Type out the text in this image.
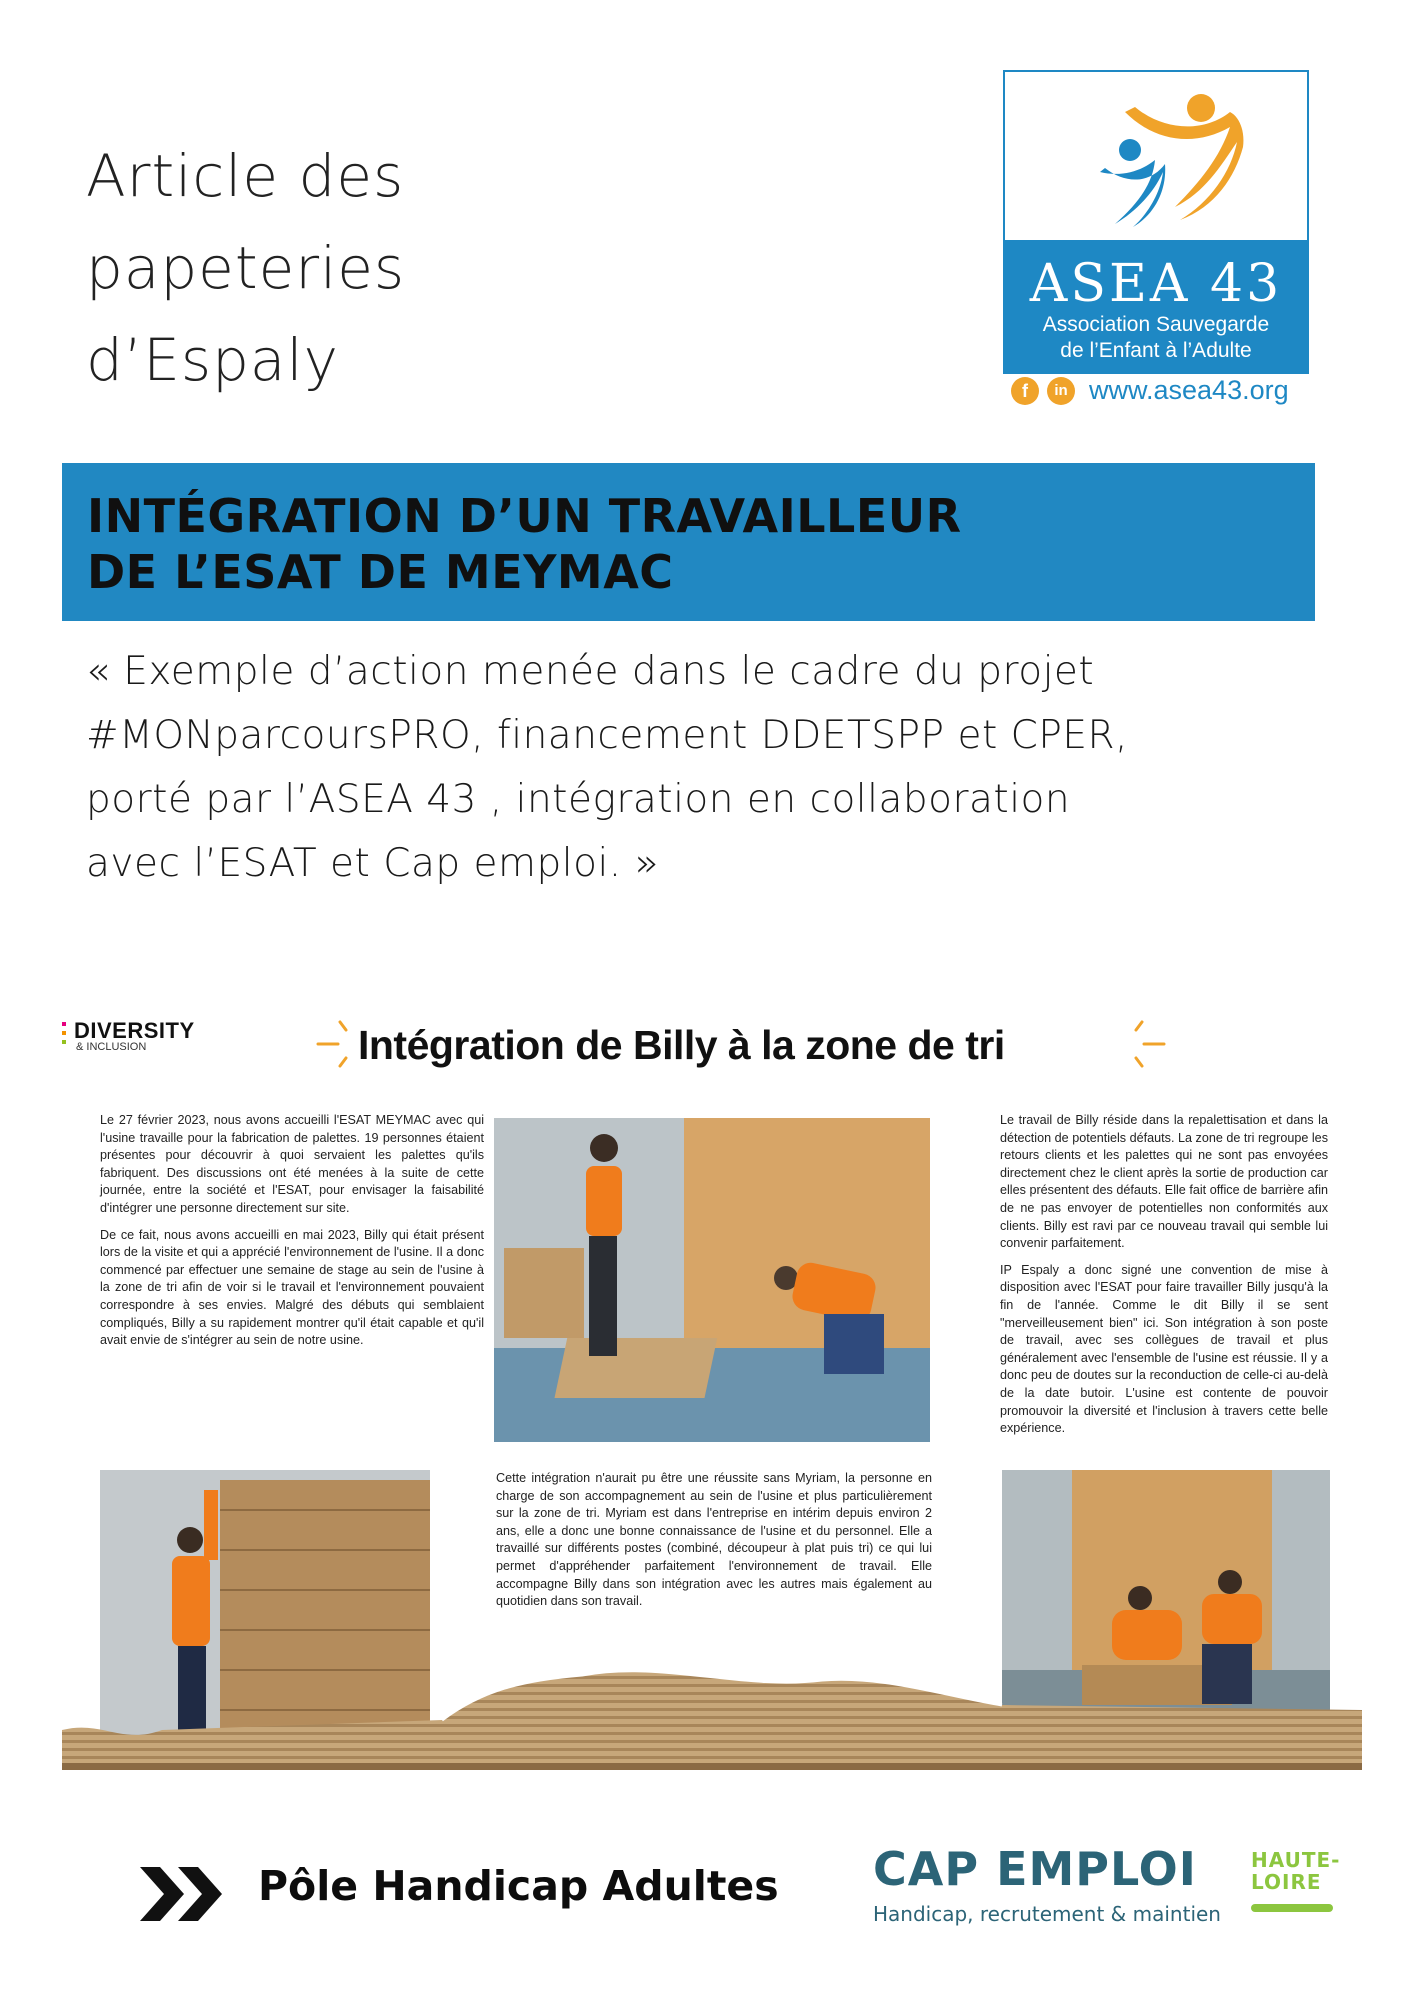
Article des
papeteries
d’Espaly
ASEA 43
Association Sauvegarde
de l’Enfant à l’Adulte
f	in www.asea43.org
INTÉGRATION D’UN TRAVAILLEUR
DE L’ESAT DE MEYMAC
« Exemple d’action menée dans le cadre du projet
#MONparcoursPRO, financement DDETSPP et CPER,
porté par l’ASEA 43 , intégration en collaboration
avec l’ESAT et Cap emploi. »
DIVERSITY
& INCLUSION	Intégration de Billy à la zone de tri

Le 27 février 2023, nous avons accueilli l'ESAT MEYMAC avec qui l'usine travaille pour la fabrication de palettes. 19 personnes étaient présentes pour découvrir à quoi servaient les palettes qu'ils fabriquent. Des discussions ont été menées à la suite de cette journée, entre la société et l'ESAT, pour envisager la faisabilité d'intégrer une personne directement sur site.

De ce fait, nous avons accueilli en mai 2023, Billy qui était présent lors de la visite et qui a apprécié l'environnement de l'usine. Il a donc commencé par effectuer une semaine de stage au sein de l'usine à la zone de tri afin de voir si le travail et l'environnement pouvaient correspondre à ses envies. Malgré des débuts qui semblaient compliqués, Billy a su rapidement montrer qu'il était capable et qu'il avait envie de s'intégrer au sein de notre usine.

Le travail de Billy réside dans la repalettisation et dans la détection de potentiels défauts. La zone de tri regroupe les retours clients et les palettes qui ne sont pas envoyées directement chez le client après la sortie de production car elles présentent des défauts. Elle fait office de barrière afin de ne pas envoyer de potentielles non conformités aux clients. Billy est ravi par ce nouveau travail qui semble lui convenir parfaitement.

IP Espaly a donc signé une convention de mise à disposition avec l'ESAT pour faire travailler Billy jusqu'à la fin de l'année. Comme le dit Billy il se sent "merveilleusement bien" ici. Son intégration à son poste de travail, avec ses collègues de travail et plus généralement avec l'ensemble de l'usine est réussie. Il y a donc peu de doutes sur la reconduction de celle-ci au-delà de la date butoir. L'usine est contente de pouvoir promouvoir la diversité et l'inclusion à travers cette belle expérience.

Cette intégration n'aurait pu être une réussite sans Myriam, la personne en charge de son accompagnement au sein de l'usine et plus particulièrement sur la zone de tri. Myriam est dans l'entreprise en intérim depuis environ 2 ans, elle a donc une bonne connaissance de l'usine et du personnel. Elle a travaillé sur différents postes (combiné, découpeur à plat puis tri) ce qui lui permet d'appréhender parfaitement l'environnement de travail. Elle accompagne Billy dans son intégration avec les autres mais également au quotidien dans son travail.

Pôle Handicap Adultes CAP EMPLOI
Handicap, recrutement & maintien
HAUTE-
LOIRE
